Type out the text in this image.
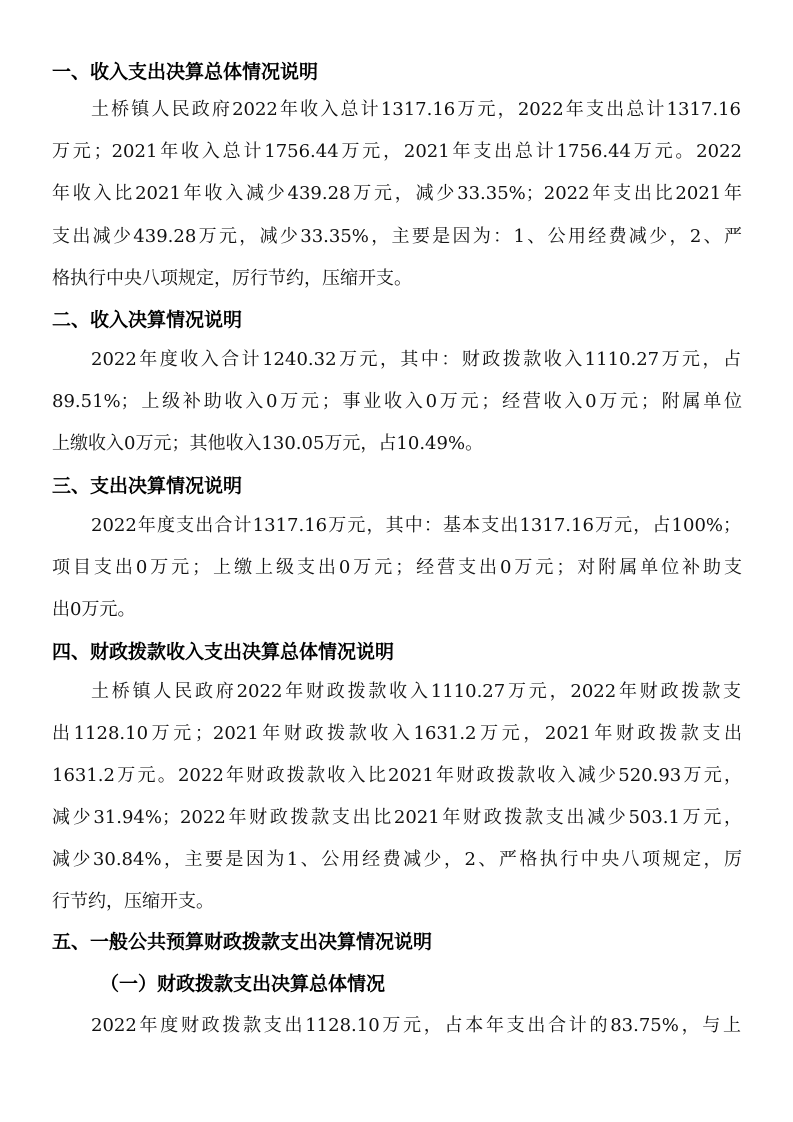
一、收入支出决算总体情况说明
土桥镇人民政府2022年收入总计1317.16万元，2022年支出总计1317.16
万元；2021年收入总计1756.44万元，2021年支出总计1756.44万元。2022
年收入比2021年收入减少439.28万元，减少33.35%；2022年支出比2021年
支出减少439.28万元，减少33.35%，主要是因为：1、公用经费减少，2、严
格执行中央八项规定，厉行节约，压缩开支。
二、收入决算情况说明
2022年度收入合计1240.32万元，其中：财政拨款收入1110.27万元，占
89.51%；上级补助收入0万元；事业收入0万元；经营收入0万元；附属单位
上缴收入0万元；其他收入130.05万元，占10.49%。
三、支出决算情况说明
2022年度支出合计1317.16万元，其中：基本支出1317.16万元，占100%；
项目支出0万元；上缴上级支出0万元；经营支出0万元；对附属单位补助支
出0万元。
四、财政拨款收入支出决算总体情况说明
土桥镇人民政府2022年财政拨款收入1110.27万元，2022年财政拨款支
出1128.10万元；2021年财政拨款收入1631.2万元，2021年财政拨款支出
1631.2万元。2022年财政拨款收入比2021年财政拨款收入减少520.93万元，
减少31.94%；2022年财政拨款支出比2021年财政拨款支出减少503.1万元，
减少30.84%，主要是因为1、公用经费减少，2、严格执行中央八项规定，厉
行节约，压缩开支。
五、一般公共预算财政拨款支出决算情况说明
（一）财政拨款支出决算总体情况
2022年度财政拨款支出1128.10万元，占本年支出合计的83.75%，与上
